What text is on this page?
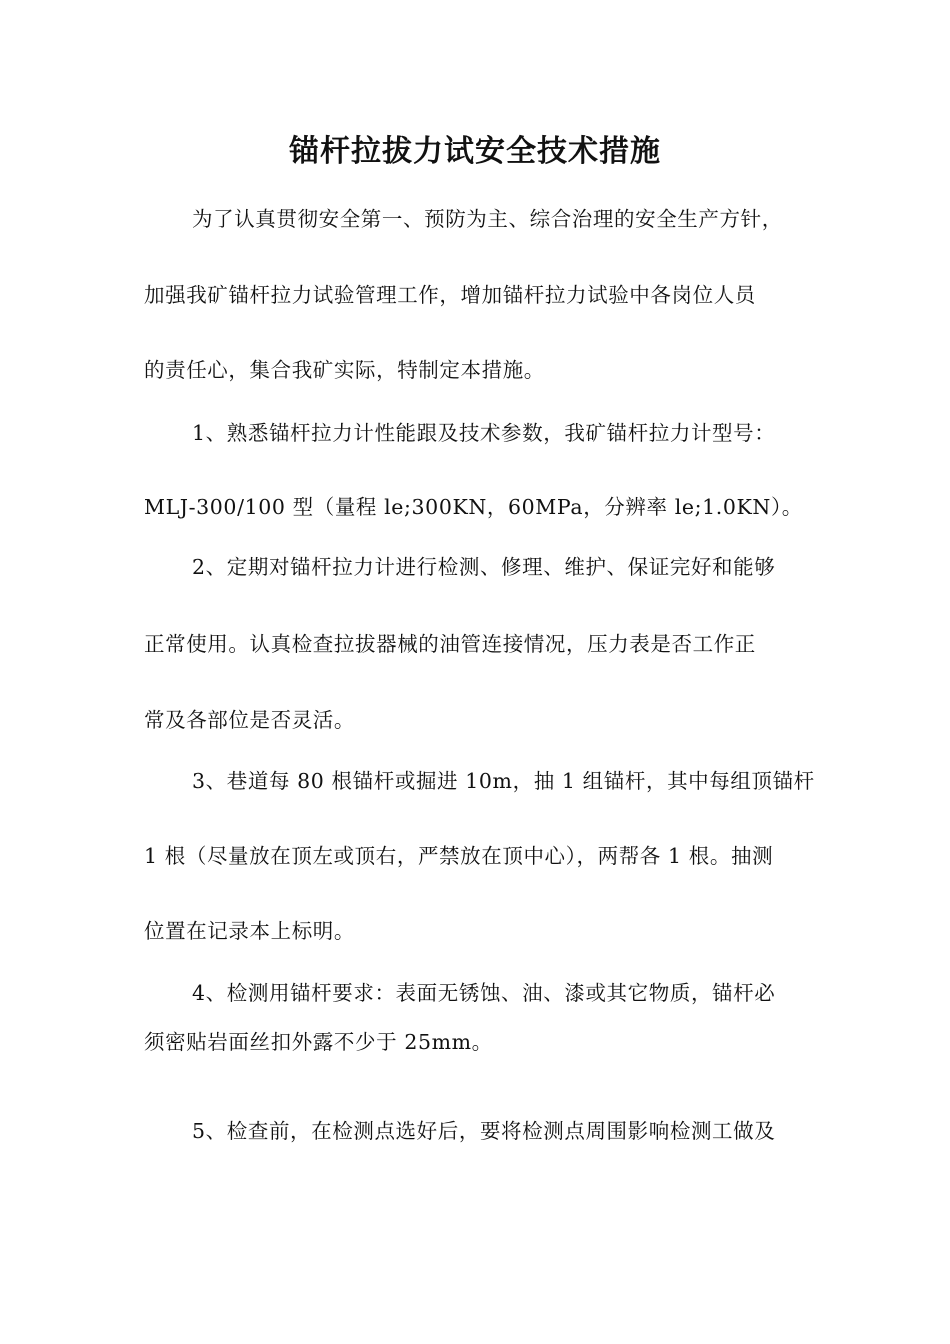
锚杆拉拔力试安全技术措施
为了认真贯彻安全第一、预防为主、综合治理的安全生产方针，
加强我矿锚杆拉力试验管理工作，增加锚杆拉力试验中各岗位人员
的责任心，集合我矿实际，特制定本措施。
1、熟悉锚杆拉力计性能跟及技术参数，我矿锚杆拉力计型号：
MLJ-300/100 型（量程 le;300KN，60MPa，分辨率 le;1.0KN）。
2、定期对锚杆拉力计进行检测、修理、维护、保证完好和能够
正常使用。认真检查拉拔器械的油管连接情况，压力表是否工作正
常及各部位是否灵活。
3、巷道每 80 根锚杆或掘进 10m，抽 1 组锚杆，其中每组顶锚杆
1 根（尽量放在顶左或顶右，严禁放在顶中心），两帮各 1 根。抽测
位置在记录本上标明。
4、检测用锚杆要求：表面无锈蚀、油、漆或其它物质，锚杆必
须密贴岩面丝扣外露不少于 25mm。
5、检查前，在检测点选好后，要将检测点周围影响检测工做及
